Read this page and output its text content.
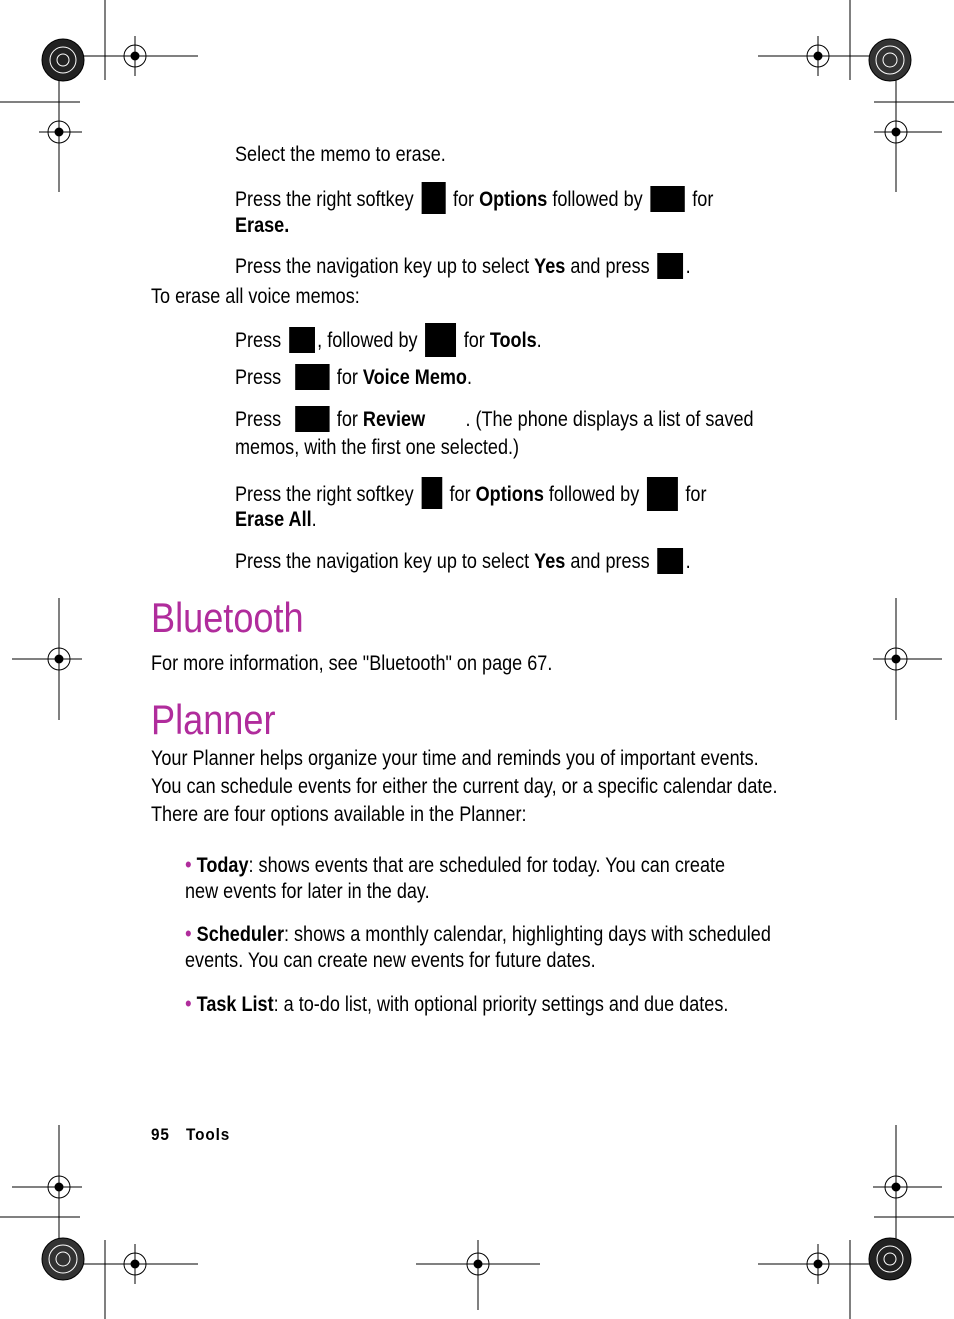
Select the memo to erase.
Press the right softkey for Options followed by for
Erase.
Press the navigation key up to select Yes and press .
To erase all voice memos:
Press , followed by for Tools.
Press	for Voice Memo.
Press	for Review	. (The phone displays a list of saved memos, with the first one selected.)
Press the right softkey for Options followed by for
Erase All.
Press the navigation key up to select Yes and press .
Bluetooth
For more information, see "Bluetooth" on page 67.
Planner
Your Planner helps organize your time and reminds you of important events. You can schedule events for either the current day, or a specific calendar date. There are four options available in the Planner:
• Today: shows events that are scheduled for today. You can create new events for later in the day.
• Scheduler: shows a monthly calendar, highlighting days with scheduled events. You can create new events for future dates.
• Task List: a to-do list, with optional priority settings and due dates.
95 Tools
